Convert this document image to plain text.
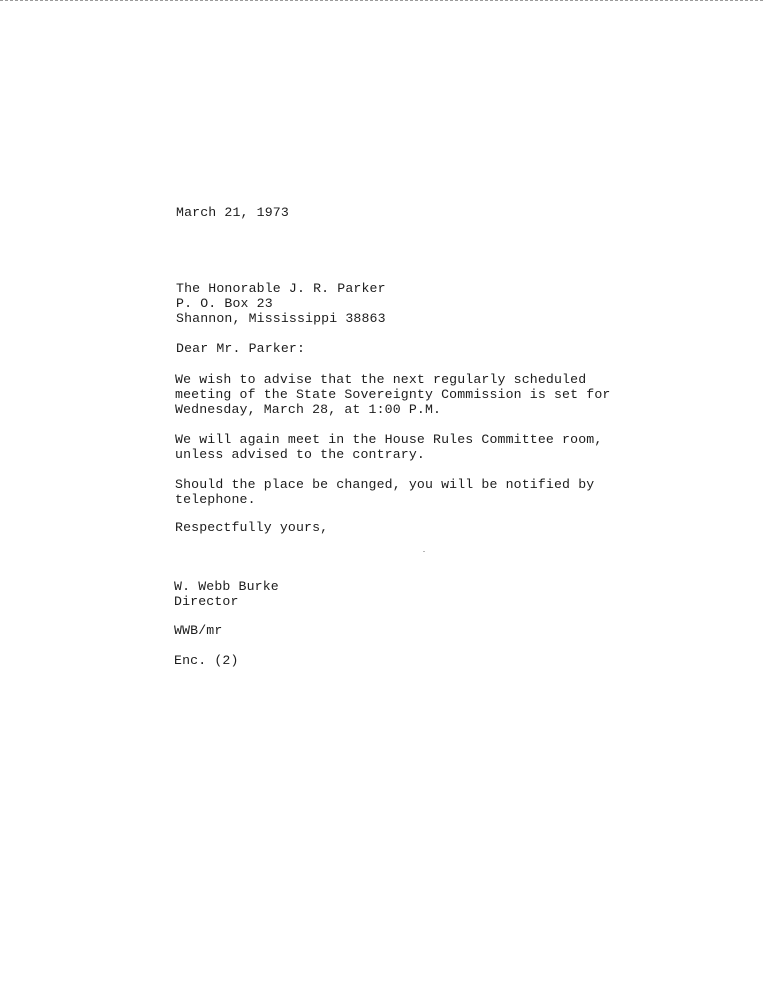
March 21, 1973
The Honorable J. R. Parker
P. O. Box 23
Shannon, Mississippi 38863
Dear Mr. Parker:
We wish to advise that the next regularly scheduled
meeting of the State Sovereignty Commission is set for
Wednesday, March 28, at 1:00 P.M.
We will again meet in the House Rules Committee room,
unless advised to the contrary.
Should the place be changed, you will be notified by
telephone.
Respectfully yours,
W. Webb Burke
Director
WWB/mr
Enc. (2)
